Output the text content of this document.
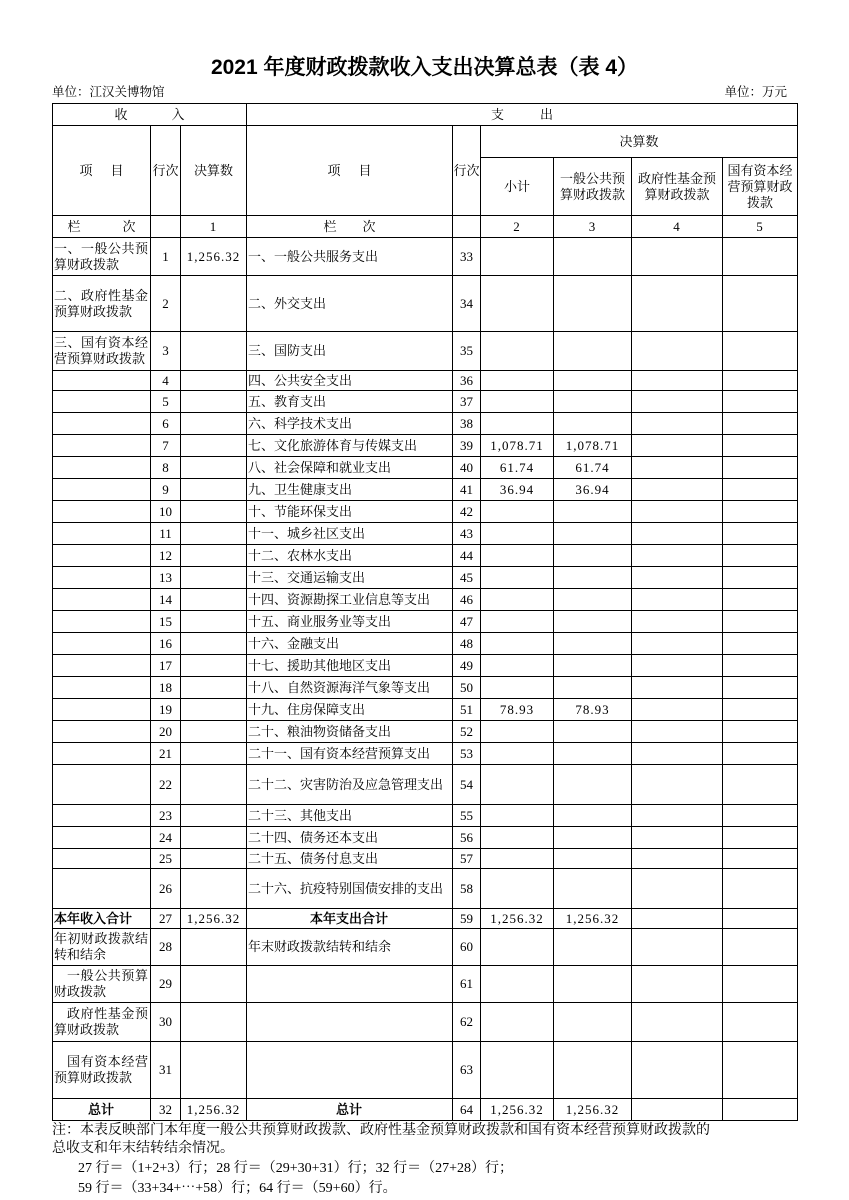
2021 年度财政拨款收入支出决算总表（表 4）
单位：江汉关博物馆	单位：万元
收入			支出					
项目	行次	决算数	项目	行次	决算数			
					小计	一般公共预算财政拨款	政府性基金预算财政拨款	国有资本经营预算财政拨款
栏次		1	栏次		2	3	4	5
一、一般公共预算财政拨款	1	1,256.32	一、一般公共服务支出	33				
二、政府性基金预算财政拨款	2		二、外交支出	34				
三、国有资本经营预算财政拨款	3		三、国防支出	35				
	4		四、公共安全支出	36				
	5		五、教育支出	37				
	6		六、科学技术支出	38				
	7		七、文化旅游体育与传媒支出	39	1,078.71	1,078.71		
	8		八、社会保障和就业支出	40	61.74	61.74		
	9		九、卫生健康支出	41	36.94	36.94		
	10		十、节能环保支出	42				
	11		十一、城乡社区支出	43				
	12		十二、农林水支出	44				
	13		十三、交通运输支出	45				
	14		十四、资源勘探工业信息等支出	46				
	15		十五、商业服务业等支出	47				
	16		十六、金融支出	48				
	17		十七、援助其他地区支出	49				
	18		十八、自然资源海洋气象等支出	50				
	19		十九、住房保障支出	51	78.93	78.93		
	20		二十、粮油物资储备支出	52				
	21		二十一、国有资本经营预算支出	53				
	22		二十二、灾害防治及应急管理支出	54				
	23		二十三、其他支出	55				
	24		二十四、债务还本支出	56				
	25		二十五、债务付息支出	57				
	26		二十六、抗疫特别国债安排的支出	58				
本年收入合计	27	1,256.32	本年支出合计	59	1,256.32	1,256.32		
年初财政拨款结转和结余	28		年末财政拨款结转和结余	60				
一般公共预算财政拨款	29			61				
政府性基金预算财政拨款	30			62				
国有资本经营预算财政拨款	31			63				
总计	32	1,256.32	总计	64	1,256.32	1,256.32		
注：本表反映部门本年度一般公共预算财政拨款、政府性基金预算财政拨款和国有资本经营预算财政拨款的
总收支和年末结转结余情况。
27 行＝（1+2+3）行；28 行＝（29+30+31）行；32 行＝（27+28）行；
59 行＝（33+34+⋯+58）行；64 行＝（59+60）行。
